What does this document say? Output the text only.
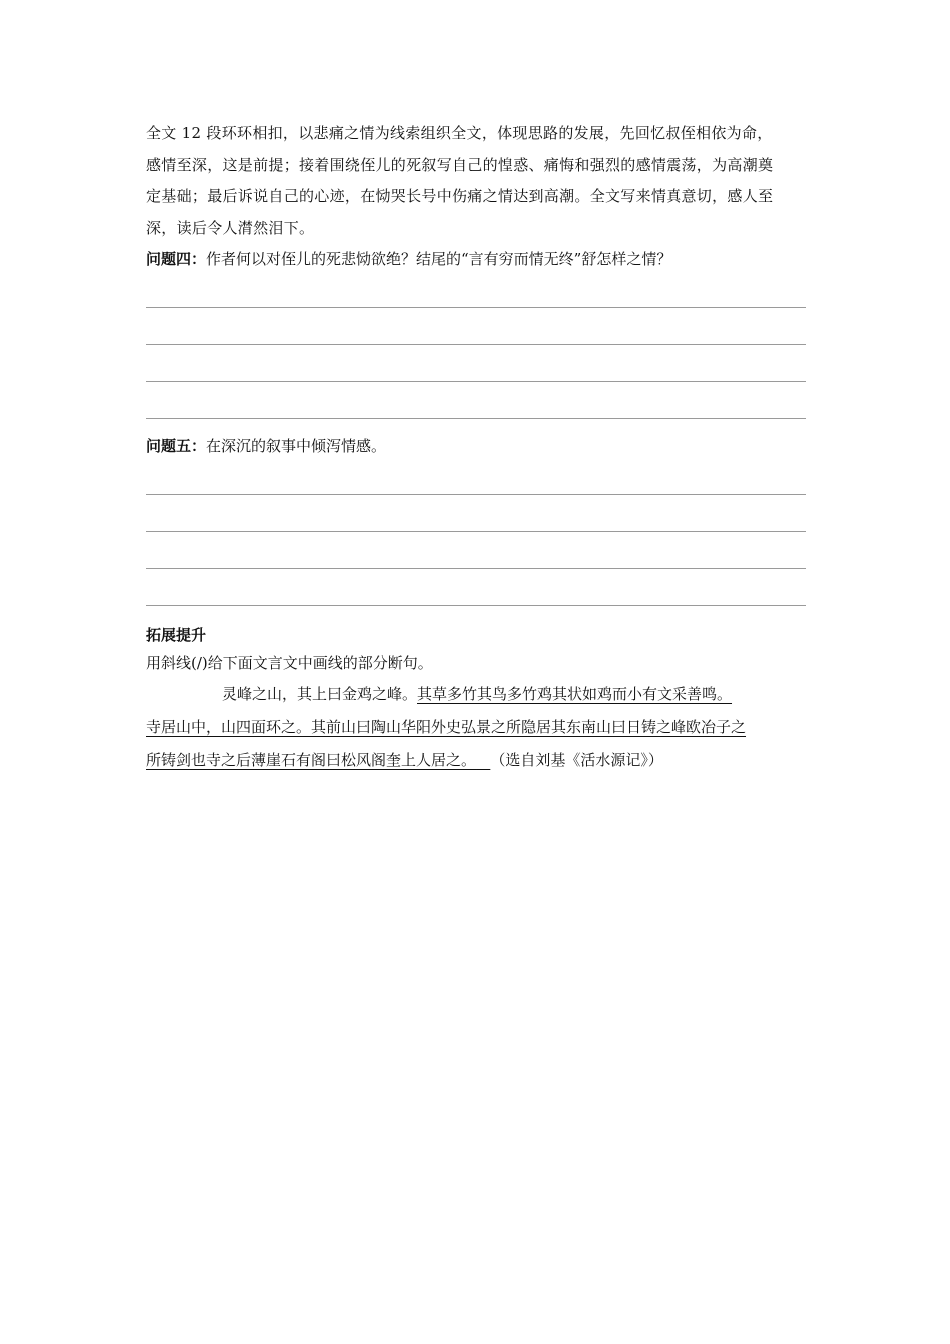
全文 12 段环环相扣，以悲痛之情为线索组织全文，体现思路的发展，先回忆叔侄相依为命，

感情至深，这是前提；接着围绕侄儿的死叙写自己的惶惑、痛悔和强烈的感情震荡，为高潮奠

定基础；最后诉说自己的心迹，在恸哭长号中伤痛之情达到高潮。全文写来情真意切，感人至

深，读后令人潸然泪下。

问题四：作者何以对侄儿的死悲恸欲绝？结尾的“言有穷而情无终”舒怎样之情？

问题五：在深沉的叙事中倾泻情感。

拓展提升

用斜线(/)给下面文言文中画线的部分断句。

灵峰之山，其上曰金鸡之峰。其草多竹其鸟多竹鸡其状如鸡而小有文采善鸣。

寺居山中，山四面环之。其前山曰陶山华阳外史弘景之所隐居其东南山曰日铸之峰欧冶子之

所铸剑也寺之后薄崖石有阁曰松风阁奎上人居之。 （选自刘基《活水源记》）
